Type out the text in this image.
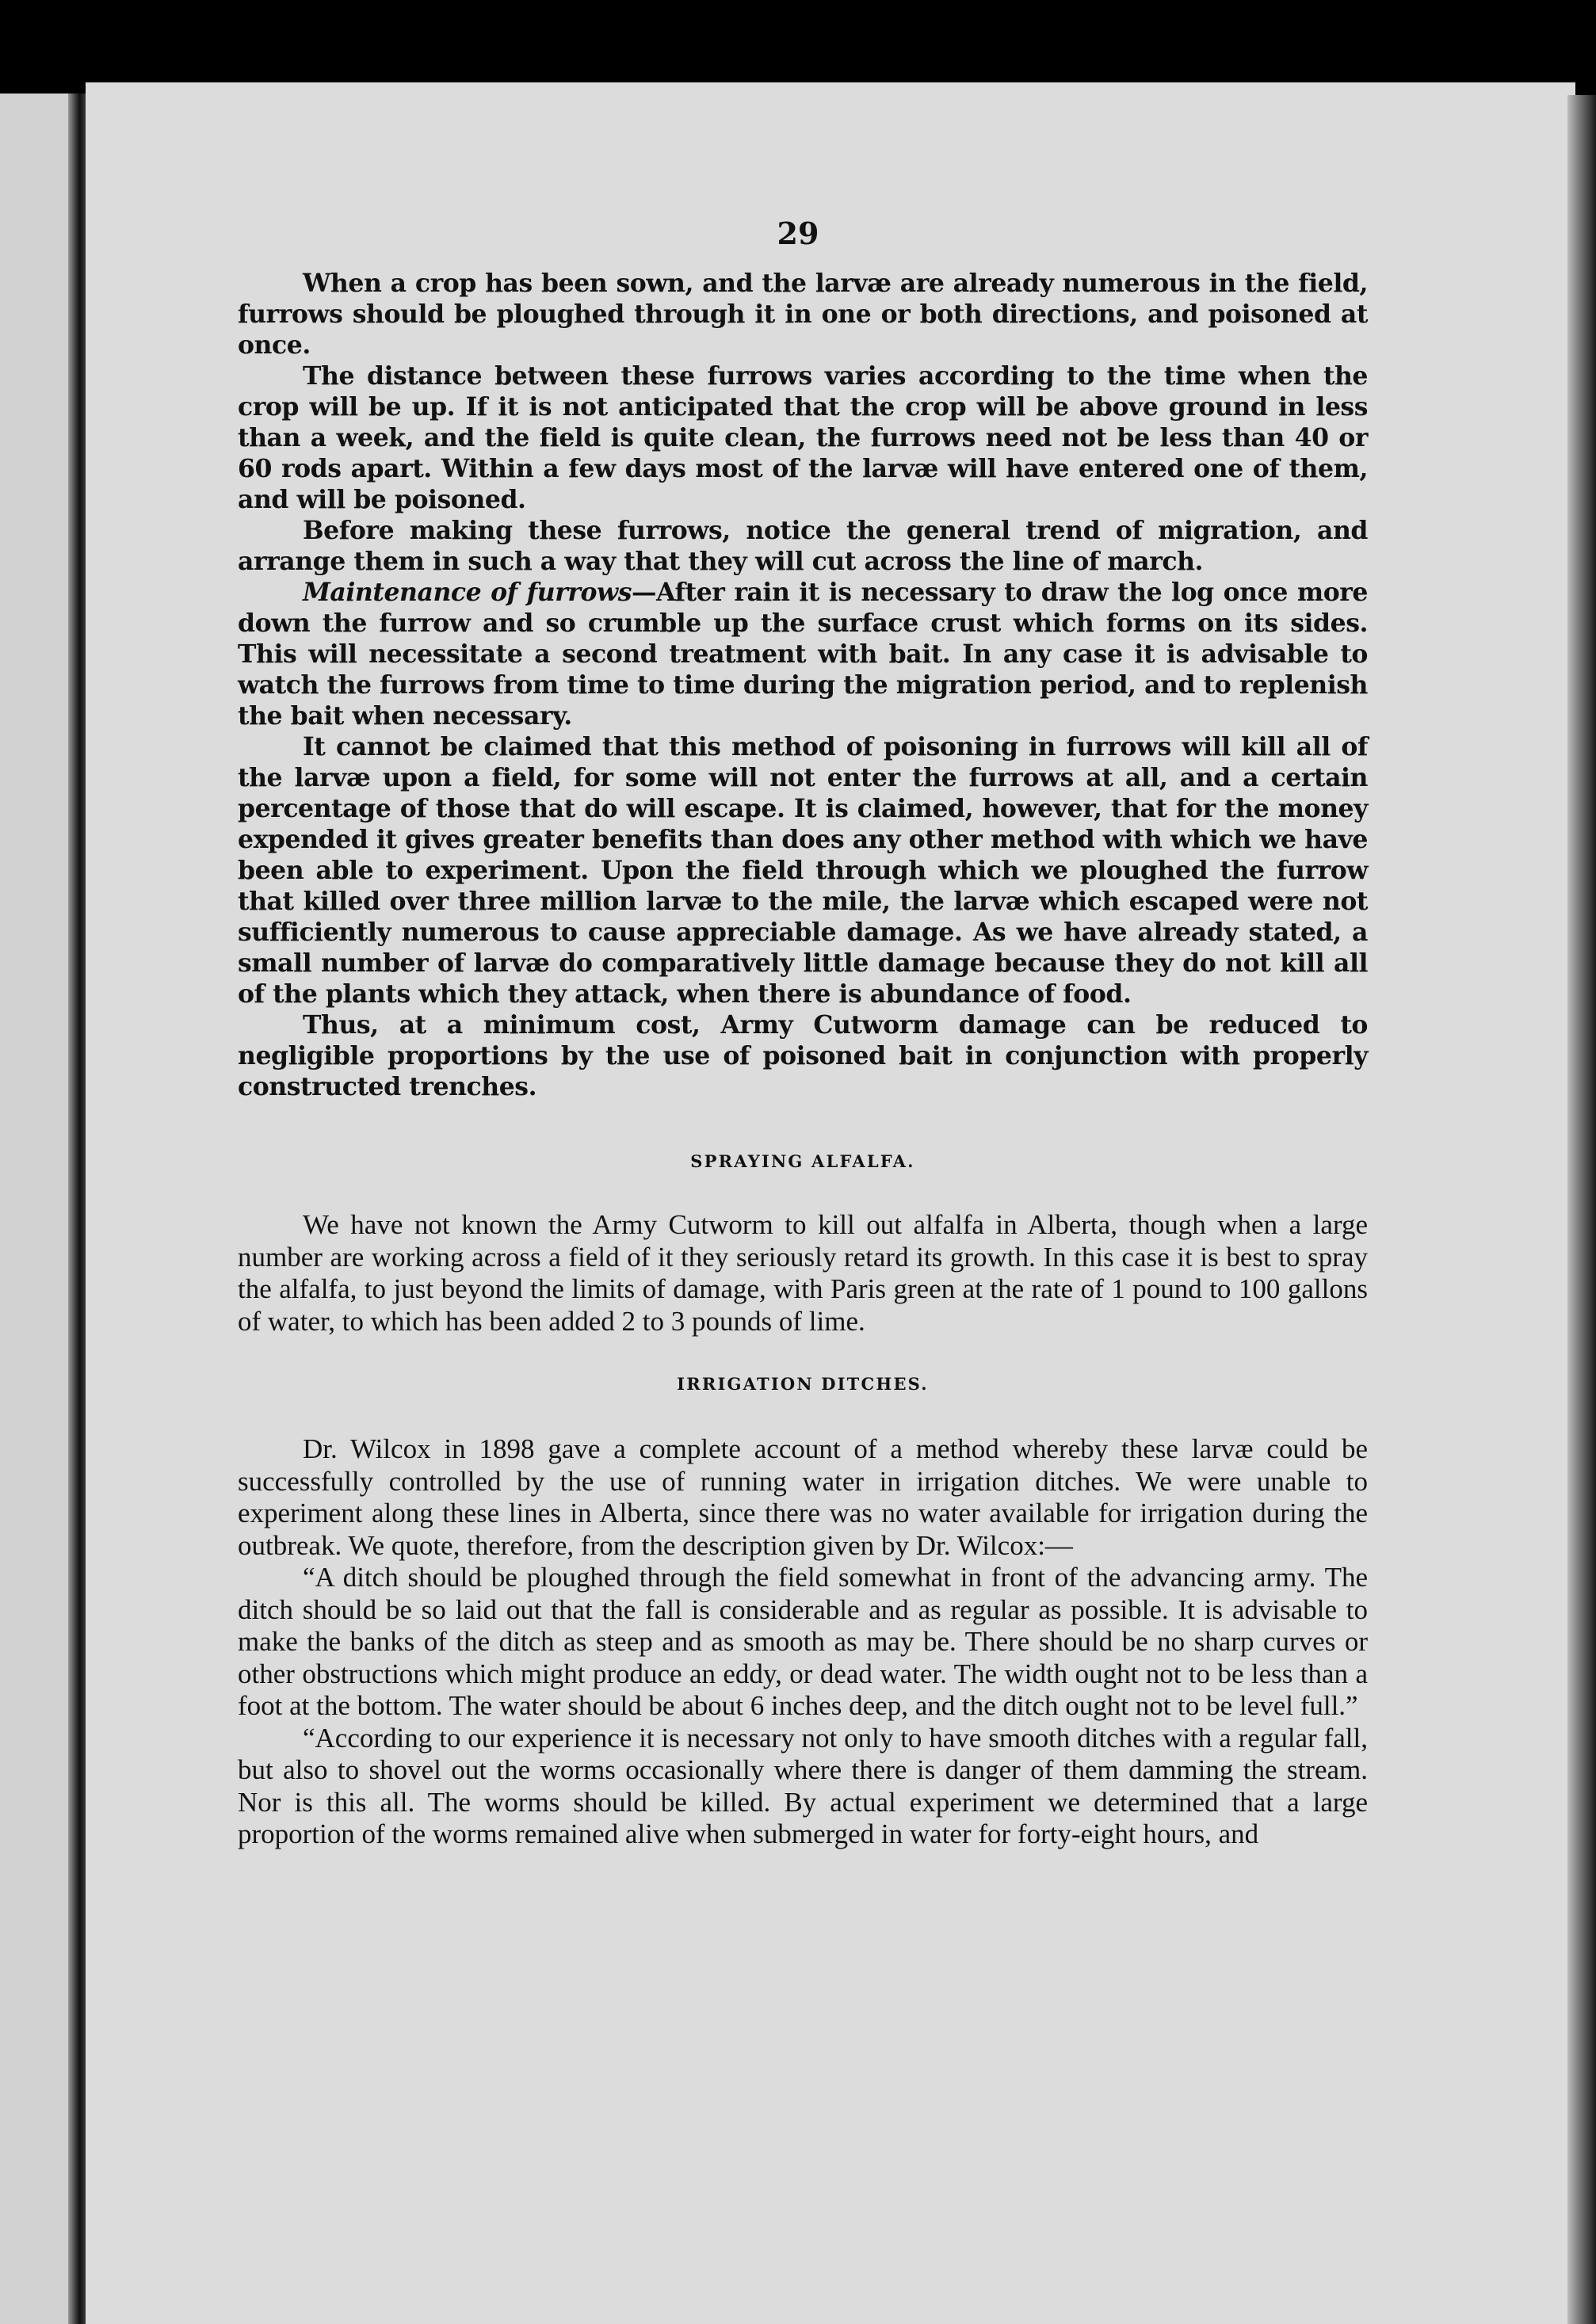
29

When a crop has been sown, and the larvæ are already numerous in the field, furrows should be ploughed through it in one or both directions, and poisoned at once.

The distance between these furrows varies according to the time when the crop will be up. If it is not anticipated that the crop will be above ground in less than a week, and the field is quite clean, the furrows need not be less than 40 or 60 rods apart. Within a few days most of the larvæ will have entered one of them, and will be poisoned.

Before making these furrows, notice the general trend of migration, and arrange them in such a way that they will cut across the line of march.

Maintenance of furrows—After rain it is necessary to draw the log once more down the furrow and so crumble up the surface crust which forms on its sides. This will necessitate a second treatment with bait. In any case it is advisable to watch the furrows from time to time during the migration period, and to replenish the bait when necessary.

It cannot be claimed that this method of poisoning in furrows will kill all of the larvæ upon a field, for some will not enter the furrows at all, and a certain percentage of those that do will escape. It is claimed, however, that for the money expended it gives greater benefits than does any other method with which we have been able to experiment. Upon the field through which we ploughed the furrow that killed over three million larvæ to the mile, the larvæ which escaped were not sufficiently numerous to cause appreciable damage. As we have already stated, a small number of larvæ do comparatively little damage because they do not kill all of the plants which they attack, when there is abundance of food.

Thus, at a minimum cost, Army Cutworm damage can be reduced to negligible proportions by the use of poisoned bait in conjunction with properly constructed trenches.

SPRAYING ALFALFA.

We have not known the Army Cutworm to kill out alfalfa in Alberta, though when a large number are working across a field of it they seriously retard its growth. In this case it is best to spray the alfalfa, to just beyond the limits of damage, with Paris green at the rate of 1 pound to 100 gallons of water, to which has been added 2 to 3 pounds of lime.

IRRIGATION DITCHES.

Dr. Wilcox in 1898 gave a complete account of a method whereby these larvæ could be successfully controlled by the use of running water in irrigation ditches. We were unable to experiment along these lines in Alberta, since there was no water available for irrigation during the outbreak. We quote, therefore, from the description given by Dr. Wilcox:—

“A ditch should be ploughed through the field somewhat in front of the advancing army. The ditch should be so laid out that the fall is considerable and as regular as possible. It is advisable to make the banks of the ditch as steep and as smooth as may be. There should be no sharp curves or other obstructions which might produce an eddy, or dead water. The width ought not to be less than a foot at the bottom. The water should be about 6 inches deep, and the ditch ought not to be level full.”

“According to our experience it is necessary not only to have smooth ditches with a regular fall, but also to shovel out the worms occasionally where there is danger of them damming the stream. Nor is this all. The worms should be killed. By actual experiment we determined that a large proportion of the worms remained alive when submerged in water for forty-eight hours, and
